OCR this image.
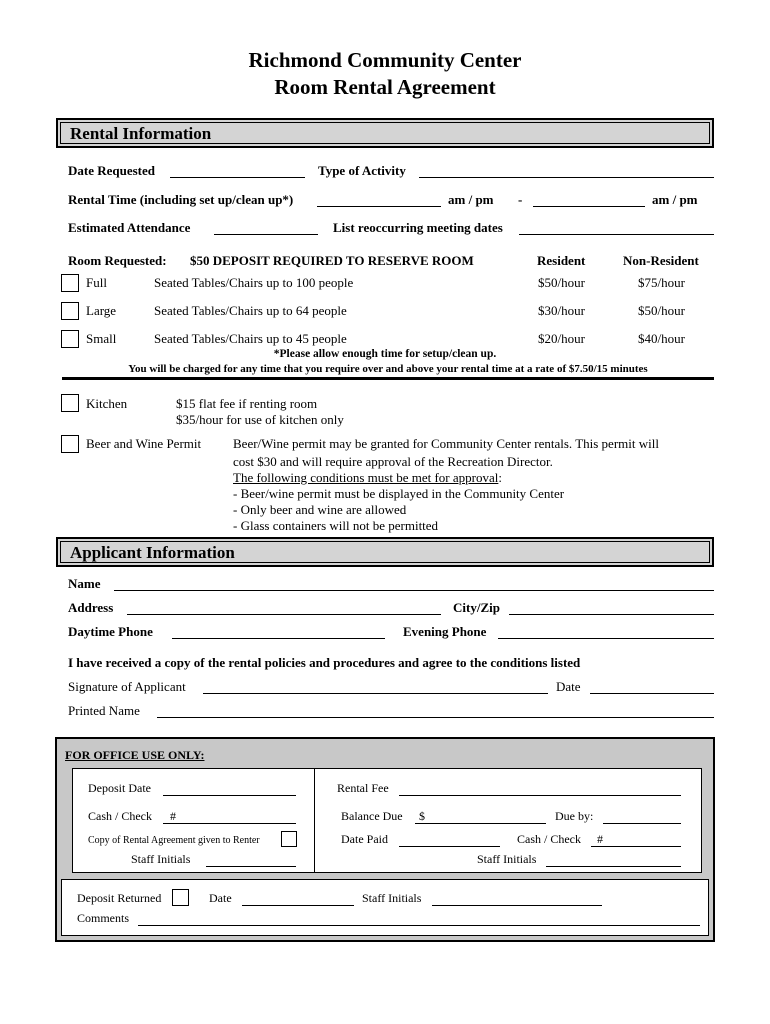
Richmond Community Center
Room Rental Agreement
Rental Information
Date Requested	Type of Activity
Rental Time (including set up/clean up*)	am / pm -	am / pm
Estimated Attendance	List reoccurring meeting dates
Room Requested: $50 DEPOSIT REQUIRED TO RESERVE ROOM	Resident	Non-Resident
Full	Seated Tables/Chairs up to 100 people	$50/hour	$75/hour
Large	Seated Tables/Chairs up to 64 people	$30/hour	$50/hour
Small	Seated Tables/Chairs up to 45 people	$20/hour	$40/hour
*Please allow enough time for setup/clean up.
You will be charged for any time that you require over and above your rental time at a rate of $7.50/15 minutes
Kitchen	$15 flat fee if renting room
$35/hour for use of kitchen only
Beer and Wine Permit Beer/Wine permit may be granted for Community Center rentals. This permit will
cost $30 and will require approval of the Recreation Director.
The following conditions must be met for approval:
- Beer/wine permit must be displayed in the Community Center
- Only beer and wine are allowed
- Glass containers will not be permitted
Applicant Information
Name
Address	City/Zip
Daytime Phone	Evening Phone
I have received a copy of the rental policies and procedures and agree to the conditions listed
Signature of Applicant	Date
Printed Name
FOR OFFICE USE ONLY:
Deposit Date
Cash / Check #
Copy of Rental Agreement given to Renter
Staff Initials
Rental Fee
Balance Due $	Due by:
Date Paid	Cash / Check #
Staff Initials
Deposit Returned	Date	Staff Initials
Comments
